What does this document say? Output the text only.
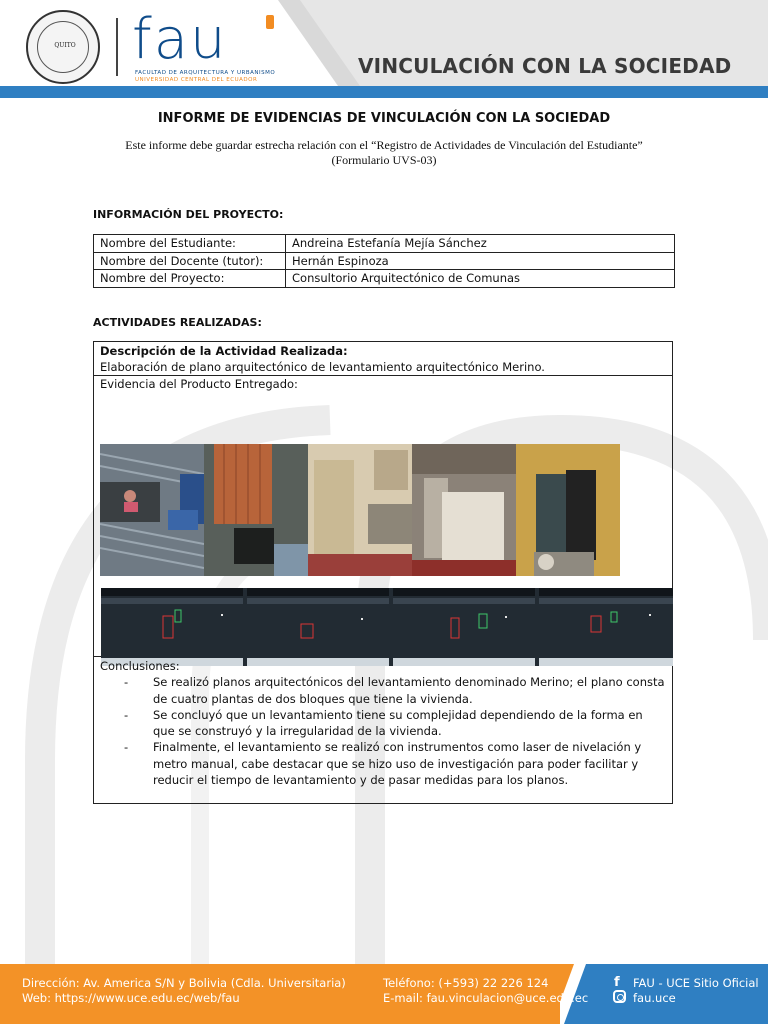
QUITO	fau
FACULTAD DE ARQUITECTURA Y URBANISMO
UNIVERSIDAD CENTRAL DEL ECUADOR
VINCULACIÓN CON LA SOCIEDAD
INFORME DE EVIDENCIAS DE VINCULACIÓN CON LA SOCIEDAD
Este informe debe guardar estrecha relación con el “Registro de Actividades de Vinculación del Estudiante”
(Formulario UVS-03)
INFORMACIÓN DEL PROYECTO:
Nombre del Estudiante:	Andreina Estefanía Mejía Sánchez
Nombre del Docente (tutor):	Hernán Espinoza
Nombre del Proyecto:	Consultorio Arquitectónico de Comunas
ACTIVIDADES REALIZADAS:
Descripción de la Actividad Realizada:
Elaboración de plano arquitectónico de levantamiento arquitectónico Merino.
Evidencia del Producto Entregado:
Conclusiones:
- Se realizó planos arquitectónicos del levantamiento denominado Merino; el plano consta de cuatro plantas de dos bloques que tiene la vivienda.
- Se concluyó que un levantamiento tiene su complejidad dependiendo de la forma en que se construyó y la irregularidad de la vivienda.
- Finalmente, el levantamiento se realizó con instrumentos como laser de nivelación y metro manual, cabe destacar que se hizo uso de investigación para poder facilitar y reducir el tiempo de levantamiento y de pasar medidas para los planos.
Dirección: Av. America S/N y Bolivia (Cdla. Universitaria)
Web: https://www.uce.edu.ec/web/fau
Teléfono: (+593) 22 226 124
E-mail: fau.vinculacion@uce.edu.ec
f	FAU - UCE Sitio Oficial
fau.uce
